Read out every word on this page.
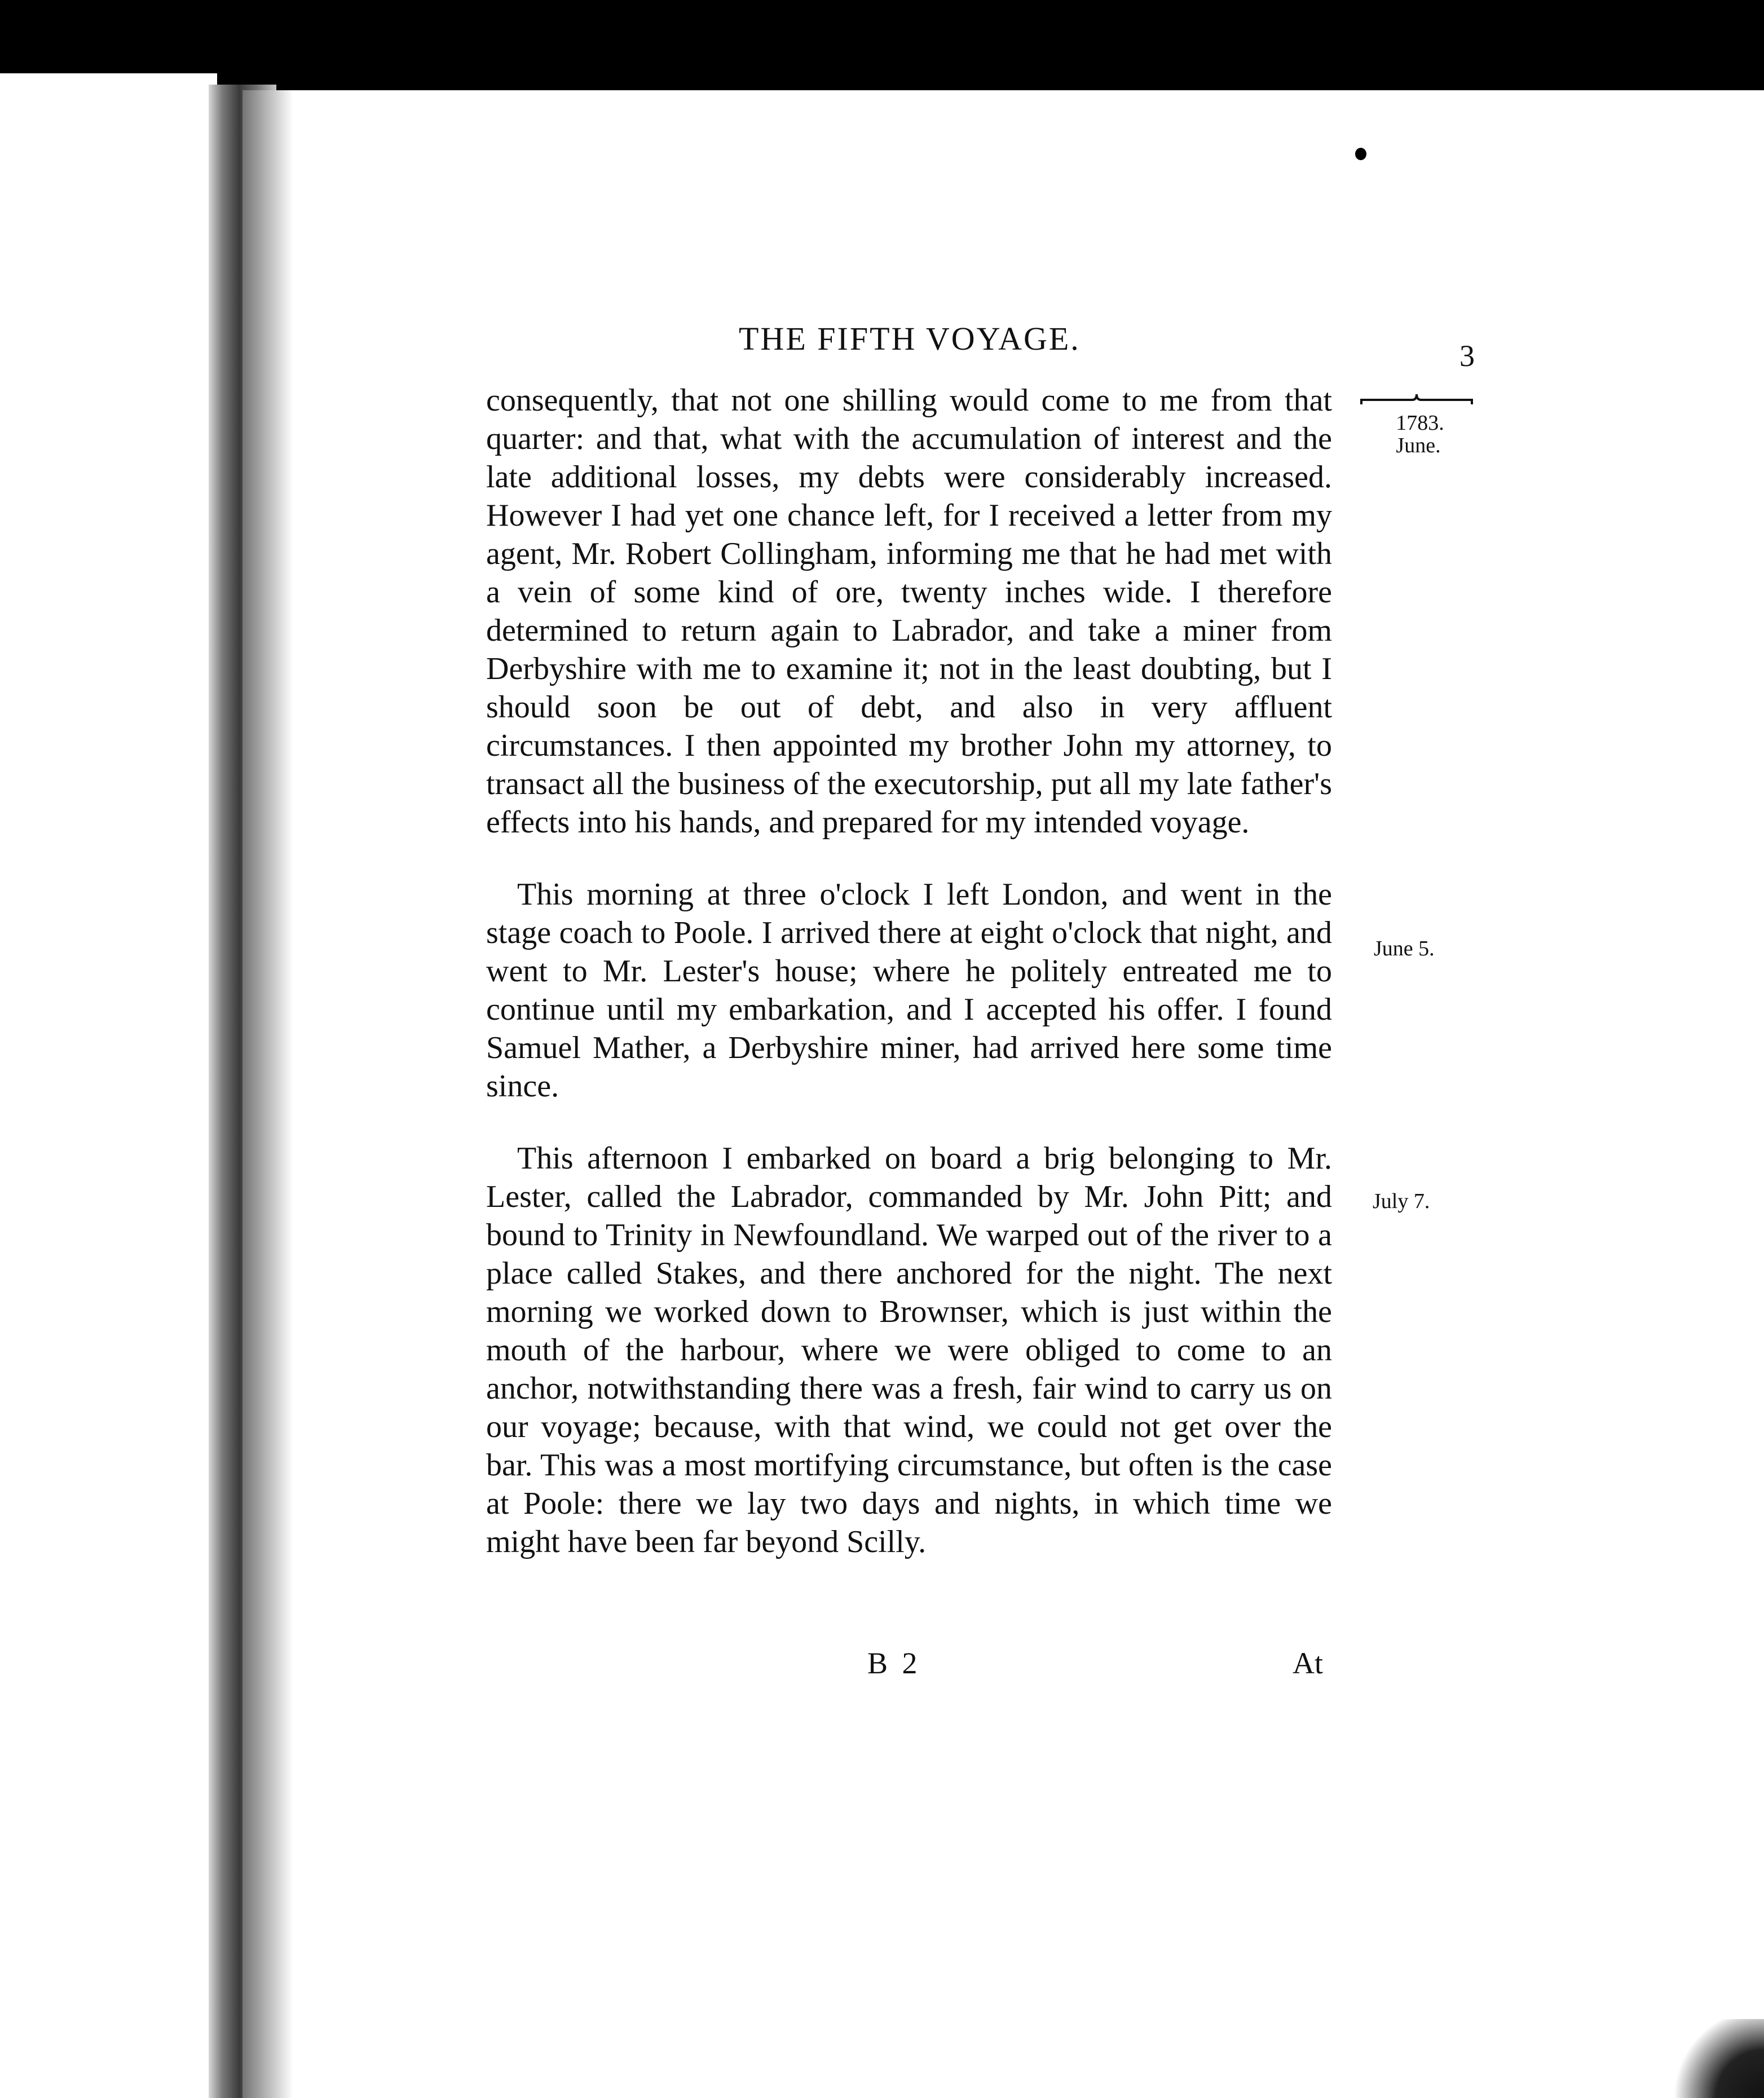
THE FIFTH VOYAGE.	3
1783.
June.
June 5.
July 7.

consequently, that not one shilling would come to me from that quarter: and that, what with the accumulation of interest and the late additional losses, my debts were considerably increased. However I had yet one chance left, for I received a letter from my agent, Mr. Robert Collingham, informing me that he had met with a vein of some kind of ore, twenty inches wide. I therefore determined to return again to Labrador, and take a miner from Derbyshire with me to examine it; not in the least doubting, but I should soon be out of debt, and also in very affluent circumstances. I then appointed my brother John my attorney, to transact all the business of the executorship, put all my late father's effects into his hands, and prepared for my intended voyage.

This morning at three o'clock I left London, and went in the stage coach to Poole. I arrived there at eight o'clock that night, and went to Mr. Lester's house; where he politely entreated me to continue until my embarkation, and I accepted his offer. I found Samuel Mather, a Derbyshire miner, had arrived here some time since.

This afternoon I embarked on board a brig belonging to Mr. Lester, called the Labrador, commanded by Mr. John Pitt; and bound to Trinity in Newfoundland. We warped out of the river to a place called Stakes, and there anchored for the night. The next morning we worked down to Brownser, which is just within the mouth of the harbour, where we were obliged to come to an anchor, notwithstanding there was a fresh, fair wind to carry us on our voyage; because, with that wind, we could not get over the bar. This was a most mortifying circumstance, but often is the case at Poole: there we lay two days and nights, in which time we might have been far beyond Scilly.

B 2	At
